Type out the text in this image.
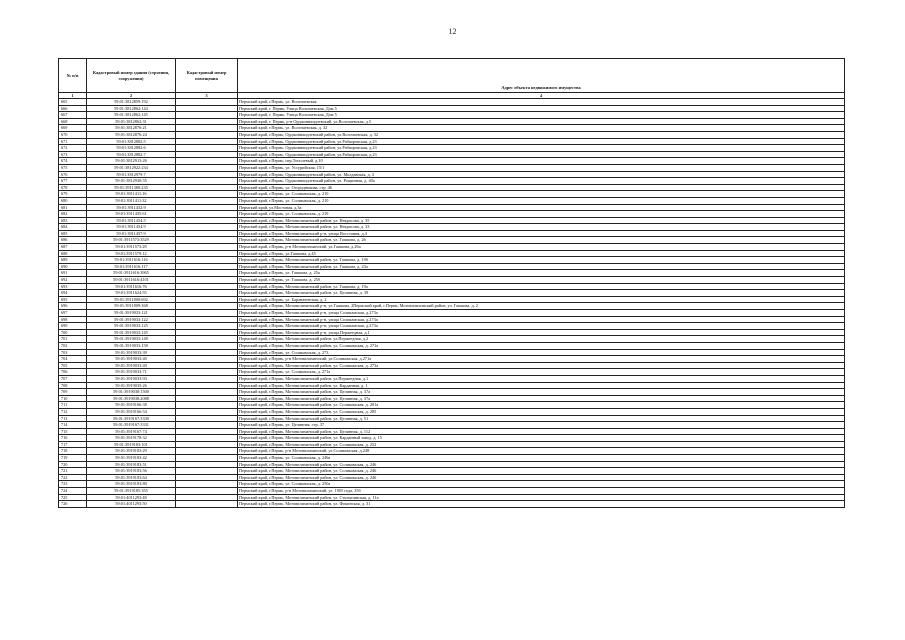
12
№ п/п	Кадастровый номер здания (строения, сооружения)	Кадастровый номер помещения	Адрес объекта недвижимого имущества
1	2	3	4
665	59:01:3812859:192		Пермский край, г.Пермь, ул. Волочаевская
666	59:01:3812862:144		Пермский край, г. Пермь, Улица Волочаевская, Дом 5
667	59:01:3812862:145		Пермский край, г. Пермь, Улица Волочаевская, Дом 5
668	59:01:3812862:31		Пермский край, г. Пермь, р-н Орджоникидзевский, ул.Волочаевская, д.5
669	59:01:3812876:21		Пермский край, г.Пермь, ул. Волочаевская, д. 32
670	59:01:3812876:24		Пермский край, г.Пермь, Орджоникидзевский район, ул.Волочаевская, д. 32
671	59:01:3812882:5		Пермский край, г.Пермь, Орджоникидзевский район, ул.Рабкоровская, д.23
672	59:01:3812882:6		Пермский край, г.Пермь, Орджоникидзевский район, ул.Рабкоровская, д.23
673	59:01:3812882:7		Пермский край, г.Пермь, Орджоникидзевский район, ул.Рабкоровская, д.23
674	59:01:3812913:26		Пермский край, г.Пермь, пер.Тополевый, д.10
675	59:01:3812922:234		Пермский край, г.Пермь, ул. Уссурийская, 15/1
676	59:01:3812979:7		Пермский край, г.Пермь, Орджоникидзевский район, ул. Молдавская, д. 3
677	59:01:3812930:55		Пермский край, г.Пермь, Орджоникидзевский район, ул. Рощинная, д. 40а
678	59:01:3911380:235		Пермский край, г.Пермь, ул. Огородникова, стр. 46
679	59:01:3911411:16		Пермский край, г.Пермь, ул. Соликамская, д. 210
680	59:01:3911411:32		Пермский край, г.Пермь, ул. Соликамская, д. 210
681	59:01:3911432:9		Пермский край, ул.Мостовая, д.3а
682	59:01:3911435:61		Пермский край, г.Пермь, ул. Соликамская, д. 219
683	59:01:3911454:5		Пермский край, г.Пермь, Мотовилихинский район, ул. Некрасова, д. 35
684	59:01:3911454:9		Пермский край, г.Пермь, Мотовилихинский район, ул. Некрасова, д. 33
685	59:01:3911457:9		Пермский край, г.Пермь, Мотовилихинский р-н, улица Восстания, д.4
686	59:01:3911573:3529		Пермский край, г.Пермь, Мотовилихинский район, ул. Гашкова, д. 26
687	59:01:3911573:28		Пермский край, г.Пермь, р-н Мотовилихинский, ул.Гашкова, д.26а
688	59:01:3911579:12		Пермский край, г.Пермь, ул.Гашкова, д.45
689	59:01:3911616:116		Пермский край, г.Пермь, Мотовилихинский район, ул. Гашкова, д. 19б
690	59:01:3911616:117		Пермский край, г.Пермь, Мотовилихинский район, ул. Гашкова, д. 23а
691	59:01:3911616:3965		Пермский край, г.Пермь, ул. Гашкова, д. 25а
692	59:01:3911616:4101		Пермский край, г.Пермь, ул. Гашкова, д. 25б
693	59:01:3911616:76		Пермский край, г.Пермь, Мотовилихинский район, ул. Гашкова, д. 19а
694	59:01:3911624:55		Пермский край, г.Пермь, Мотовилихинский район, ул. Целинная, д. 39
695	59:01:3911800:692		Пермский край, г.Пермь, ул. Бараначевская, д. 2
696	59:01:3911809:368		Пермский край, г.Пермь, Мотовилихинский р-н, ул.Гашкова, 2Пермский край, г.Пермь, Мотовилихинский район, ул. Гашкова, д. 2
697	59:01:3919033:121		Пермский край, г.Пермь, Мотовилихинский р-н, улица Соликамская, д.273а
698	59:01:3919033:122		Пермский край, г.Пермь, Мотовилихинский р-н, улица Соликамская, д.273а
699	59:01:3919033:125		Пермский край, г.Пермь, Мотовилихинский р-н, улица Соликамская, д.273а
700	59:01:3919033:145		Пермский край, г.Пермь, Мотовилихинский р-н, улица Пержеедная, д.1
701	59:01:3919033:148		Пермский край, г.Пермь, Мотовилихинский район, ул.Пержеедная, д.2
702	59:01:3919033:158		Пермский край, г.Пермь, Мотовилихинский район, ул. Соликамская, д. 271а
703	59:01:3919033:39		Пермский край, г.Пермь, ул. Соликамская, д. 273
704	59:01:3919033:40		Пермский край, г.Пермь, р-н Мотовилихинский, ул.Соликамская, д.271а
705	59:01:3919033:49		Пермский край, г.Пермь, Мотовилихинский район, ул. Соликамская, д. 273а
706	59:01:3919033:71		Пермский край, г.Пермь, ул. Соликамская, д. 271а
707	59:01:3919033:93		Пермский край, г.Пермь, Мотовилихинский район, ул.Пержеедная, д.1
708	59:01:3919035:26		Пермский край, г.Пермь, Мотовилихинский район, ул. Карданная, д. 1
709	59:01:3919038:1500		Пермский край, г.Пермь, Мотовилихинский район, ул. Целинная, д. 37а
710	59:01:3919038:2088		Пермский край, г.Пермь, Мотовилихинский район, ул. Целинная, д. 37а
711	59:01:3919166:38		Пермский край, г.Пермь, Мотовилихинский район, ул. Соликамская, д. 281а
712	59:01:3919166:54		Пермский край, г.Пермь, Мотовилихинский район, ул. Соликамская, д. 285
713	59:01:3919167:3330		Пермский край, г.Пермь, Мотовилихинский район, ул. Целинная, д. 51
714	59:01:3919167:3331		Пермский край, г.Пермь, ул. Целинная, стр. 37
715	59:01:3919167:74		Пермский край, г.Пермь, Мотовилихинский район, ул. Целинная, д. 112
716	59:01:3919178:32		Пермский край, г.Пермь, Мотовилихинский район, ул. Карданный завод, д. 15
717	59:01:3919183:101		Пермский край, г.Пермь, Мотовилихинский район, ул. Соликамская, д. 252
718	59:01:3919183:29		Пермский край, г.Пермь, р-н Мотовилихинский, ул.Соликамская, д.248
719	59:01:3919183:42		Пермский край, г.Пермь, ул. Соликамская, д. 246а
720	59:01:3919183:51		Пермский край, г.Пермь, Мотовилихинский район, ул. Соликамская, д. 246
721	59:01:3919183:56		Пермский край, г.Пермь, Мотовилихинский район, ул. Соликамская, д. 246
722	59:01:3919183:64		Пермский край, г.Пермь, Мотовилихинский район, ул. Соликамская, д. 246
723	59:01:3919183:80		Пермский край, г.Пермь, ул. Соликамская, д. 250а
724	59:01:3919185:355		Пермский край, г.Пермь, р-н Мотовилихинский, ул. 1905 года, 35б
725	59:01:4011293:48		Пермский край, г.Пермь, Мотовилихинский район, ул. Столыпинская, д. 11а
726	59:01:4011293:50		Пермский край, г.Пермь, Мотовилихинский район, ул. Фокинская, д. 31
